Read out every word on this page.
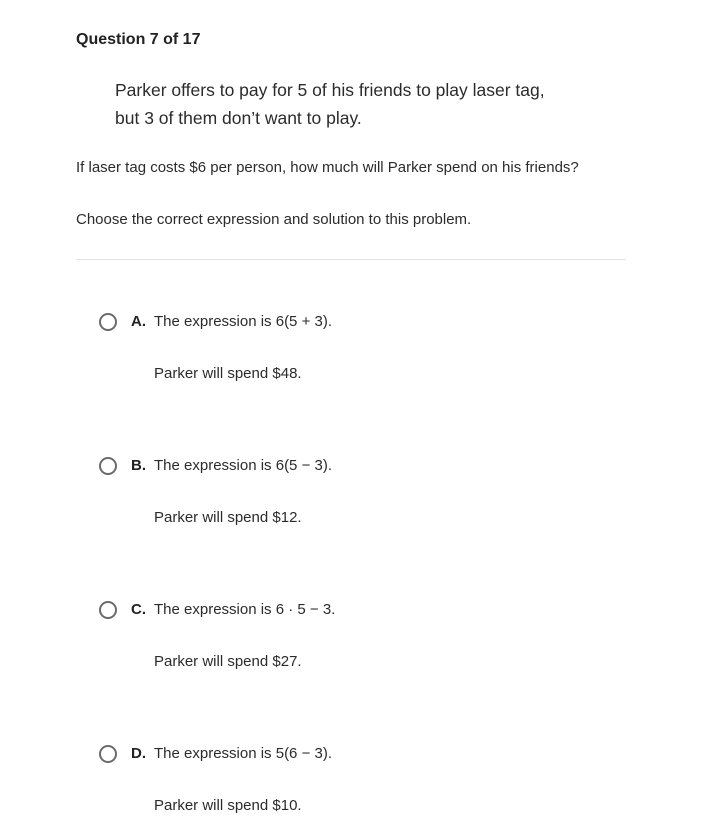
Question 7 of 17
Parker offers to pay for 5 of his friends to play laser tag,
but 3 of them don’t want to play.
If laser tag costs $6 per person, how much will Parker spend on his friends?
Choose the correct expression and solution to this problem.
A. The expression is 6(5 + 3).
Parker will spend $48.
B. The expression is 6(5 − 3).
Parker will spend $12.
C. The expression is 6 · 5 − 3.
Parker will spend $27.
D. The expression is 5(6 − 3).
Parker will spend $10.
